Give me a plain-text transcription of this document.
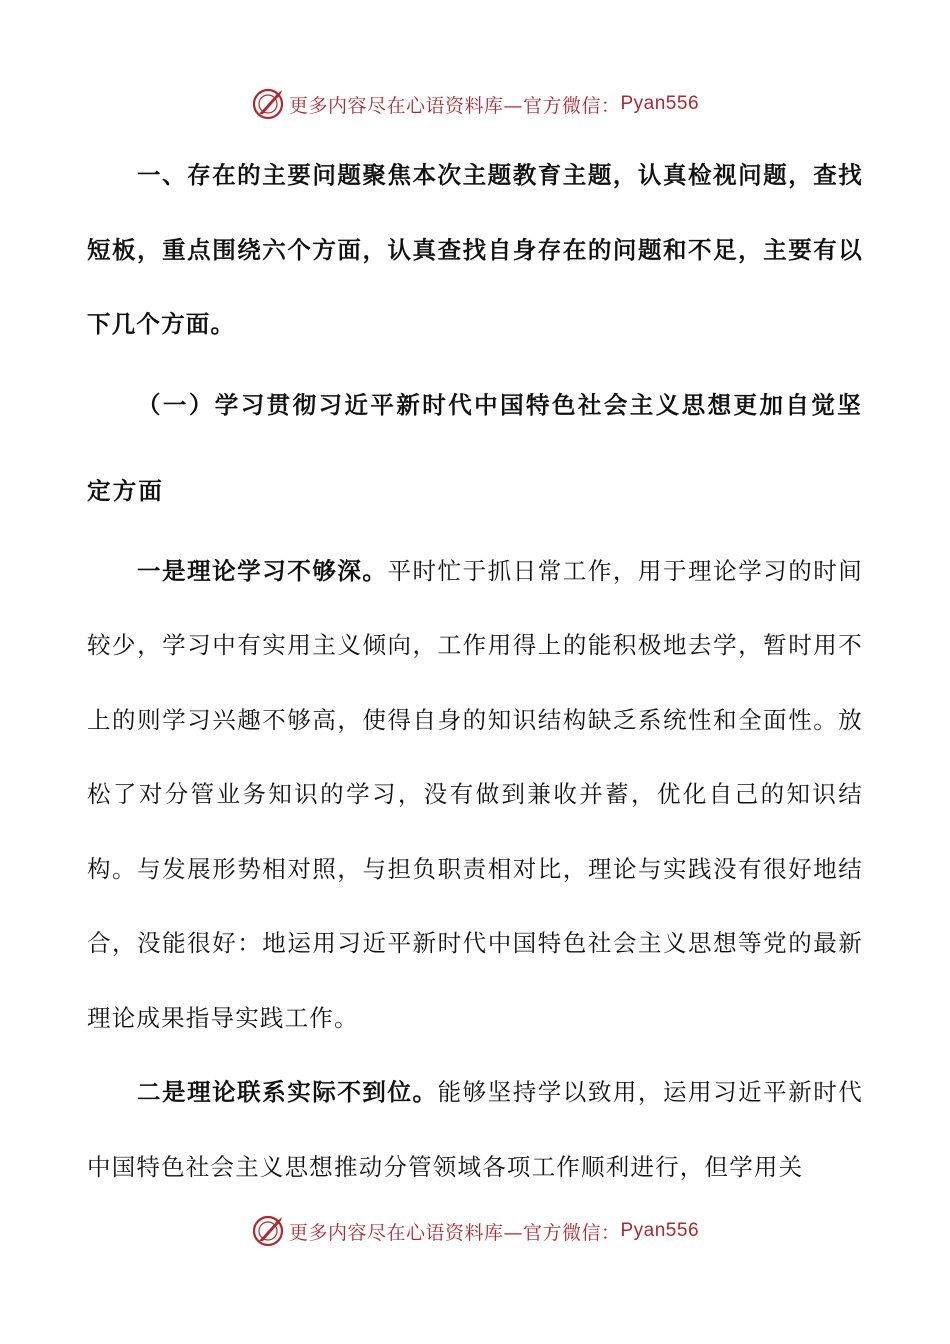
更多内容尽在心语资料库—官方微信： Pyan556

一、存在的主要问题聚焦本次主题教育主题，认真检视问题，查找短板，重点围绕六个方面，认真查找自身存在的问题和不足，主要有以下几个方面。

（一）学习贯彻习近平新时代中国特色社会主义思想更加自觉坚定方面

一是理论学习不够深。平时忙于抓日常工作，用于理论学习的时间较少，学习中有实用主义倾向，工作用得上的能积极地去学，暂时用不上的则学习兴趣不够高，使得自身的知识结构缺乏系统性和全面性。放松了对分管业务知识的学习，没有做到兼收并蓄，优化自己的知识结构。与发展形势相对照，与担负职责相对比，理论与实践没有很好地结合，没能很好：地运用习近平新时代中国特色社会主义思想等党的最新理论成果指导实践工作。

二是理论联系实际不到位。能够坚持学以致用，运用习近平新时代中国特色社会主义思想推动分管领域各项工作顺利进行，但学用关

更多内容尽在心语资料库—官方微信： Pyan556
